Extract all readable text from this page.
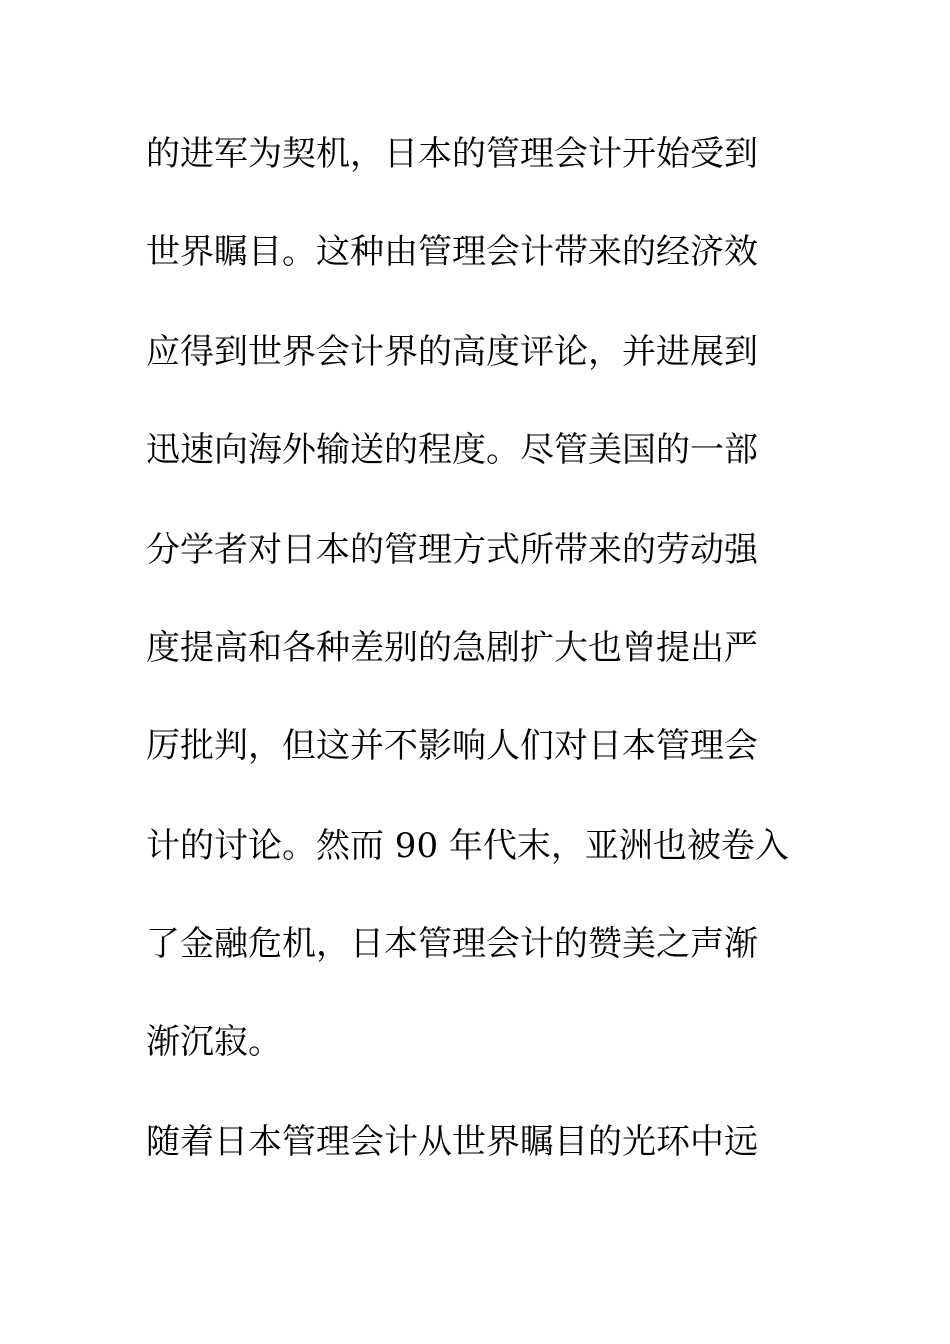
的进军为契机，日本的管理会计开始受到
世界瞩目。这种由管理会计带来的经济效
应得到世界会计界的高度评论，并进展到
迅速向海外输送的程度。尽管美国的一部
分学者对日本的管理方式所带来的劳动强
度提高和各种差别的急剧扩大也曾提出严
厉批判，但这并不影响人们对日本管理会
计的讨论。然而 90 年代末，亚洲也被卷入
了金融危机，日本管理会计的赞美之声渐
渐沉寂。
随着日本管理会计从世界瞩目的光环中远
